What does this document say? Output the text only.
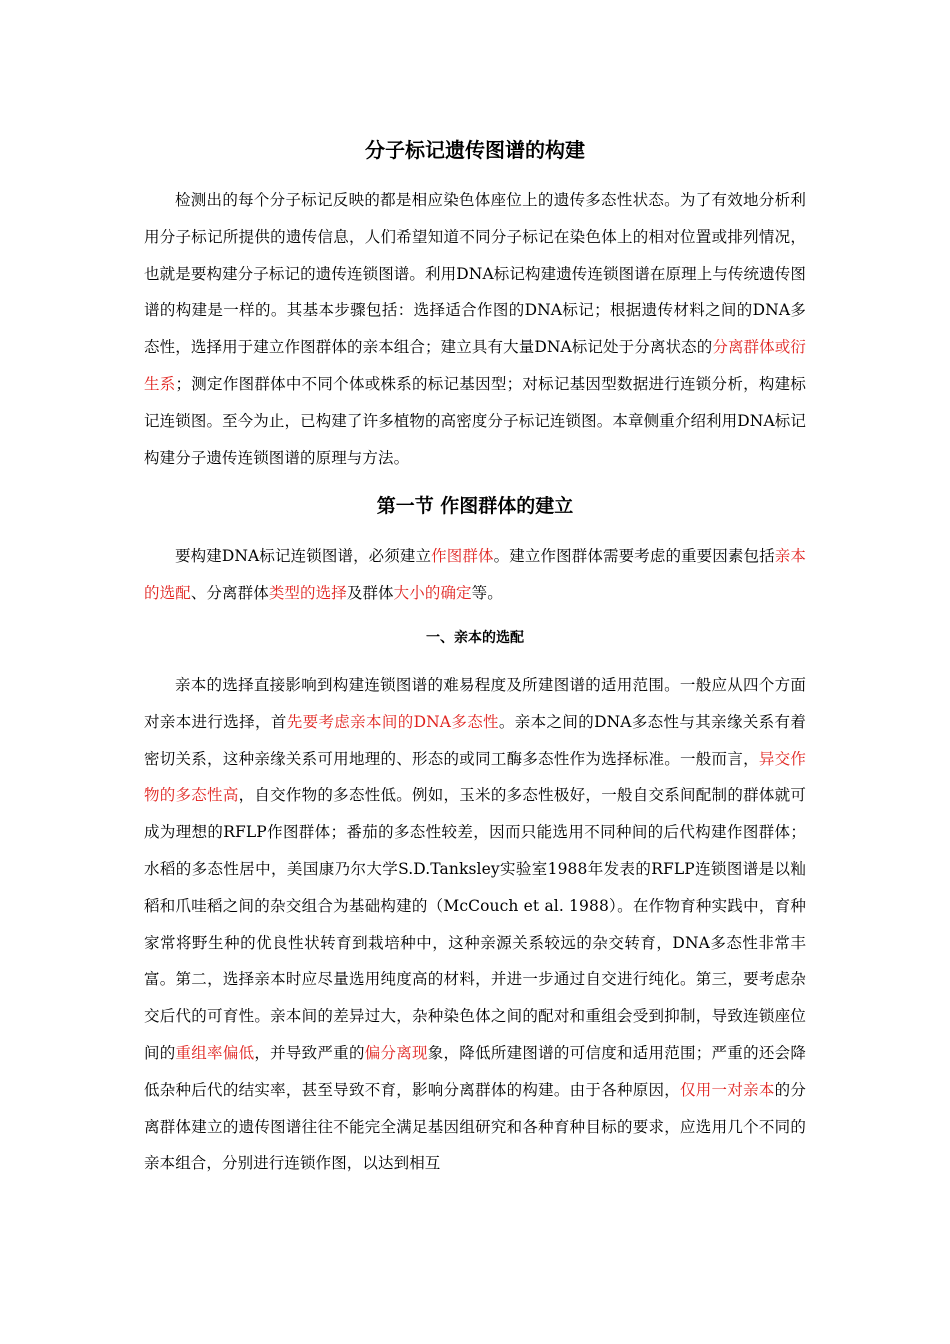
分子标记遗传图谱的构建

检测出的每个分子标记反映的都是相应染色体座位上的遗传多态性状态。为了有效地分析利用分子标记所提供的遗传信息，人们希望知道不同分子标记在染色体上的相对位置或排列情况，也就是要构建分子标记的遗传连锁图谱。利用DNA标记构建遗传连锁图谱在原理上与传统遗传图谱的构建是一样的。其基本步骤包括：选择适合作图的DNA标记；根据遗传材料之间的DNA多态性，选择用于建立作图群体的亲本组合；建立具有大量DNA标记处于分离状态的分离群体或衍生系；测定作图群体中不同个体或株系的标记基因型；对标记基因型数据进行连锁分析，构建标记连锁图。至今为止，已构建了许多植物的高密度分子标记连锁图。本章侧重介绍利用DNA标记构建分子遗传连锁图谱的原理与方法。

第一节 作图群体的建立

要构建DNA标记连锁图谱，必须建立作图群体。建立作图群体需要考虑的重要因素包括亲本的选配、分离群体类型的选择及群体大小的确定等。

一、亲本的选配

亲本的选择直接影响到构建连锁图谱的难易程度及所建图谱的适用范围。一般应从四个方面对亲本进行选择，首先要考虑亲本间的DNA多态性。亲本之间的DNA多态性与其亲缘关系有着密切关系，这种亲缘关系可用地理的、形态的或同工酶多态性作为选择标准。一般而言，异交作物的多态性高，自交作物的多态性低。例如，玉米的多态性极好，一般自交系间配制的群体就可成为理想的RFLP作图群体；番茄的多态性较差，因而只能选用不同种间的后代构建作图群体；水稻的多态性居中，美国康乃尔大学S.D.Tanksley实验室1988年发表的RFLP连锁图谱是以籼稻和爪哇稻之间的杂交组合为基础构建的（McCouch et al. 1988）。在作物育种实践中，育种家常将野生种的优良性状转育到栽培种中，这种亲源关系较远的杂交转育，DNA多态性非常丰富。第二，选择亲本时应尽量选用纯度高的材料，并进一步通过自交进行纯化。第三，要考虑杂交后代的可育性。亲本间的差异过大，杂种染色体之间的配对和重组会受到抑制，导致连锁座位间的重组率偏低，并导致严重的偏分离现象，降低所建图谱的可信度和适用范围；严重的还会降低杂种后代的结实率，甚至导致不育，影响分离群体的构建。由于各种原因，仅用一对亲本的分离群体建立的遗传图谱往往不能完全满足基因组研究和各种育种目标的要求，应选用几个不同的亲本组合，分别进行连锁作图，以达到相互
